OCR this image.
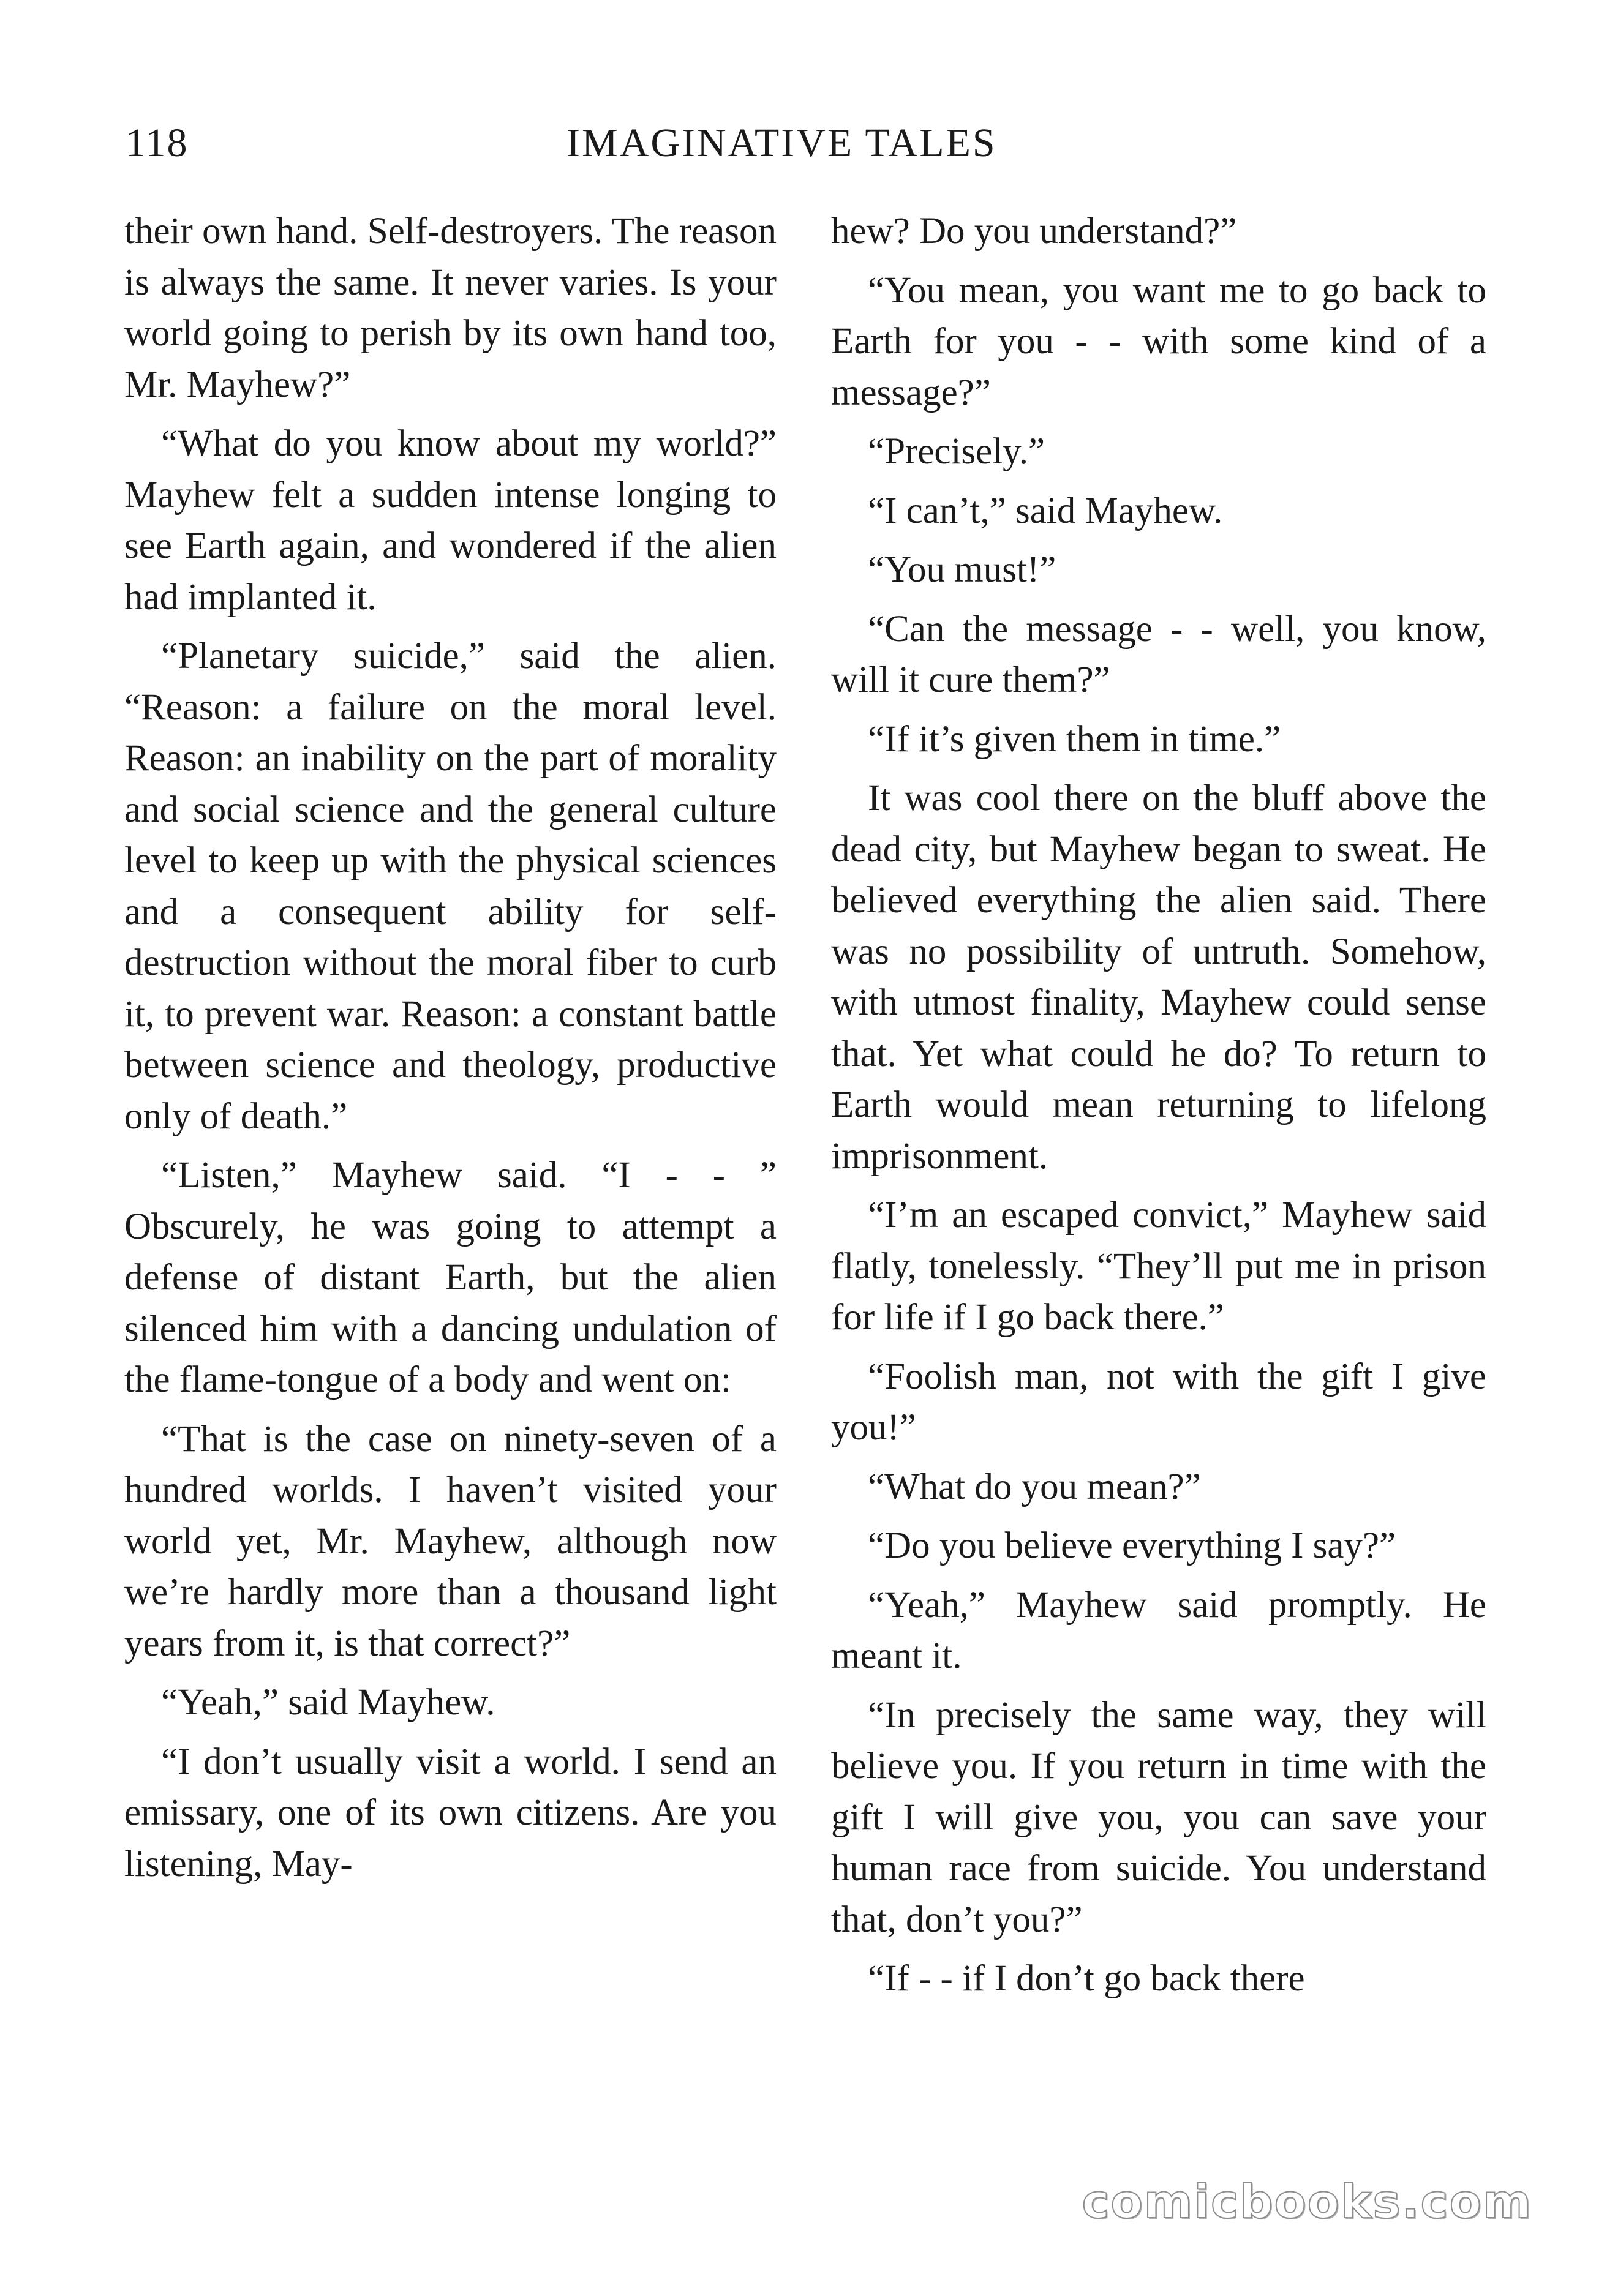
118	IMAGINATIVE TALES

their own hand. Self-destroyers. The reason is always the same. It never varies. Is your world going to perish by its own hand too, Mr. Mayhew?”

“What do you know about my world?” Mayhew felt a sudden intense longing to see Earth again, and wondered if the alien had implanted it.

“Planetary suicide,” said the alien. “Reason: a failure on the moral level. Reason: an inability on the part of morality and social science and the general culture level to keep up with the physical sciences and a consequent ability for self-destruction without the moral fiber to curb it, to prevent war. Reason: a constant battle between science and theology, productive only of death.”

“Listen,” Mayhew said. “I - - ” Obscurely, he was going to attempt a defense of distant Earth, but the alien silenced him with a dancing undulation of the flame-tongue of a body and went on:

“That is the case on ninety-seven of a hundred worlds. I haven’t visited your world yet, Mr. Mayhew, although now we’re hardly more than a thousand light years from it, is that correct?”

“Yeah,” said Mayhew.

“I don’t usually visit a world. I send an emissary, one of its own citizens. Are you listening, May-

hew? Do you understand?”

“You mean, you want me to go back to Earth for you - - with some kind of a message?”

“Precisely.”

“I can’t,” said Mayhew.

“You must!”

“Can the message - - well, you know, will it cure them?”

“If it’s given them in time.”

It was cool there on the bluff above the dead city, but Mayhew began to sweat. He believed everything the alien said. There was no possibility of untruth. Somehow, with utmost finality, Mayhew could sense that. Yet what could he do? To return to Earth would mean returning to lifelong imprisonment.

“I’m an escaped convict,” Mayhew said flatly, tonelessly. “They’ll put me in prison for life if I go back there.”

“Foolish man, not with the gift I give you!”

“What do you mean?”

“Do you believe everything I say?”

“Yeah,” Mayhew said promptly. He meant it.

“In precisely the same way, they will believe you. If you return in time with the gift I will give you, you can save your human race from suicide. You understand that, don’t you?”

“If - - if I don’t go back there

comicbooks.com
